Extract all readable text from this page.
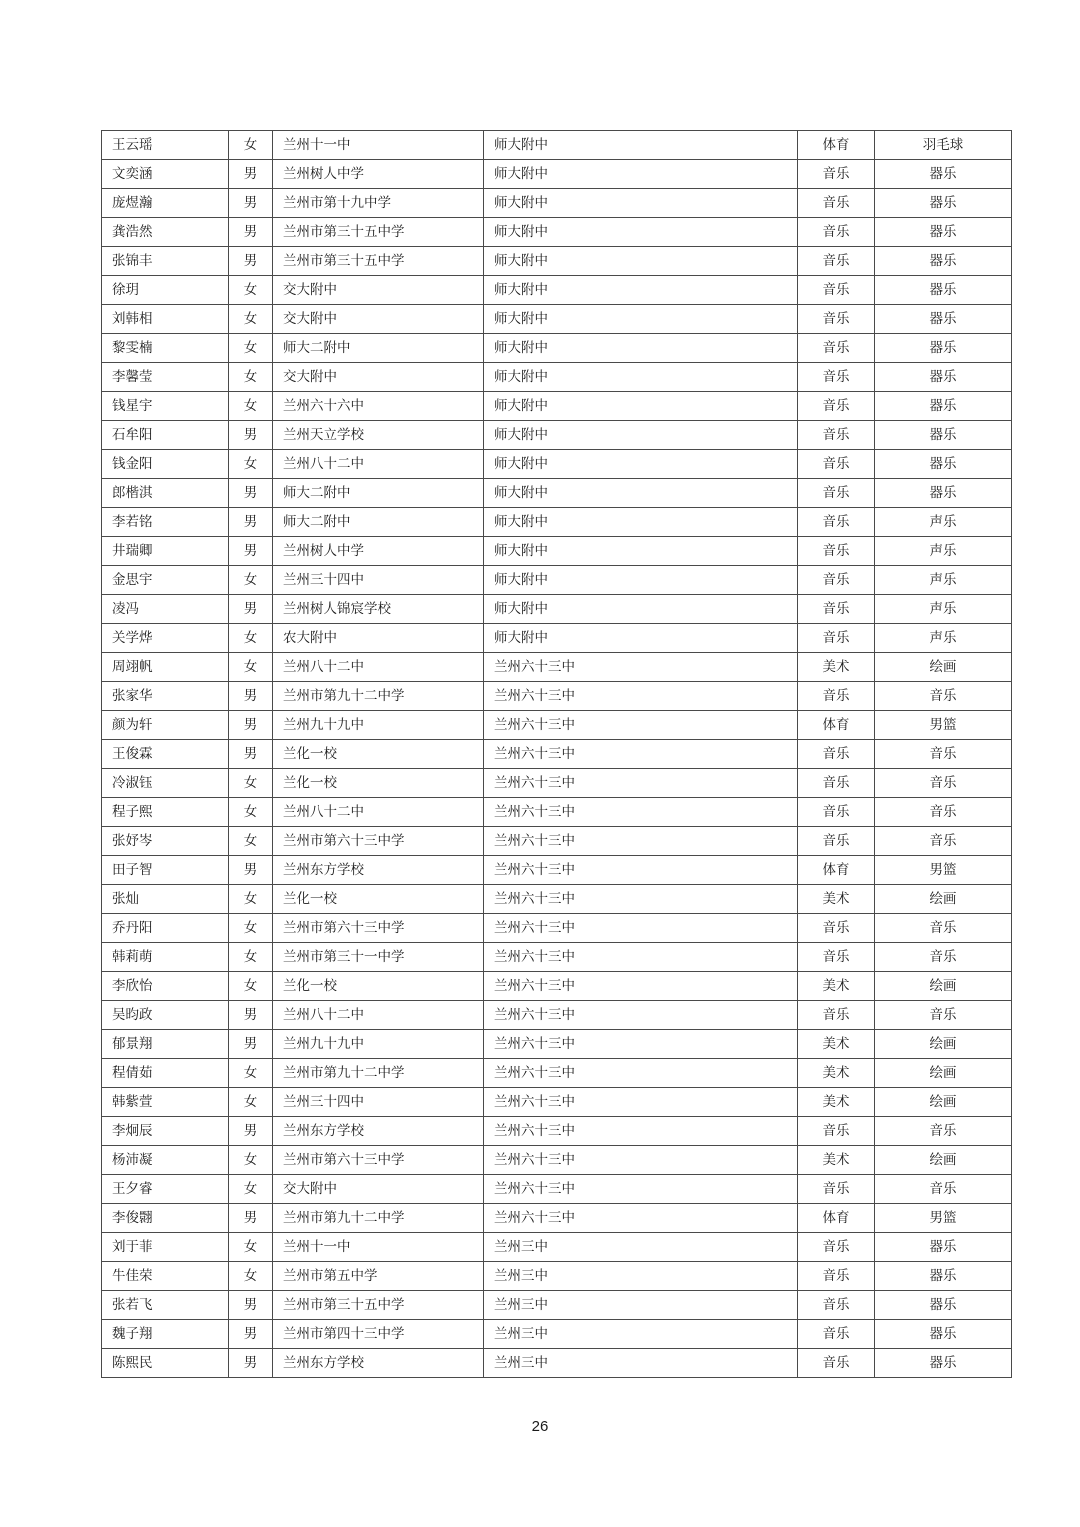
王云瑶	女	兰州十一中	师大附中	体育	羽毛球
文奕涵	男	兰州树人中学	师大附中	音乐	器乐
庞煜瀚	男	兰州市第十九中学	师大附中	音乐	器乐
龚浩然	男	兰州市第三十五中学	师大附中	音乐	器乐
张锦丰	男	兰州市第三十五中学	师大附中	音乐	器乐
徐玥	女	交大附中	师大附中	音乐	器乐
刘韩相	女	交大附中	师大附中	音乐	器乐
黎雯楠	女	师大二附中	师大附中	音乐	器乐
李馨莹	女	交大附中	师大附中	音乐	器乐
钱星宇	女	兰州六十六中	师大附中	音乐	器乐
石牟阳	男	兰州天立学校	师大附中	音乐	器乐
钱金阳	女	兰州八十二中	师大附中	音乐	器乐
郎楷淇	男	师大二附中	师大附中	音乐	器乐
李若铭	男	师大二附中	师大附中	音乐	声乐
井瑞卿	男	兰州树人中学	师大附中	音乐	声乐
金思宇	女	兰州三十四中	师大附中	音乐	声乐
凌冯	男	兰州树人锦宸学校	师大附中	音乐	声乐
关学烨	女	农大附中	师大附中	音乐	声乐
周翊帆	女	兰州八十二中	兰州六十三中	美术	绘画
张家华	男	兰州市第九十二中学	兰州六十三中	音乐	音乐
颜为轩	男	兰州九十九中	兰州六十三中	体育	男篮
王俊霖	男	兰化一校	兰州六十三中	音乐	音乐
冷淑钰	女	兰化一校	兰州六十三中	音乐	音乐
程子熙	女	兰州八十二中	兰州六十三中	音乐	音乐
张妤岑	女	兰州市第六十三中学	兰州六十三中	音乐	音乐
田子智	男	兰州东方学校	兰州六十三中	体育	男篮
张灿	女	兰化一校	兰州六十三中	美术	绘画
乔丹阳	女	兰州市第六十三中学	兰州六十三中	音乐	音乐
韩莉萌	女	兰州市第三十一中学	兰州六十三中	音乐	音乐
李欣怡	女	兰化一校	兰州六十三中	美术	绘画
吴昀政	男	兰州八十二中	兰州六十三中	音乐	音乐
郁景翔	男	兰州九十九中	兰州六十三中	美术	绘画
程倩茹	女	兰州市第九十二中学	兰州六十三中	美术	绘画
韩紫萱	女	兰州三十四中	兰州六十三中	美术	绘画
李炯辰	男	兰州东方学校	兰州六十三中	音乐	音乐
杨沛凝	女	兰州市第六十三中学	兰州六十三中	美术	绘画
王夕睿	女	交大附中	兰州六十三中	音乐	音乐
李俊翾	男	兰州市第九十二中学	兰州六十三中	体育	男篮
刘于菲	女	兰州十一中	兰州三中	音乐	器乐
牛佳荣	女	兰州市第五中学	兰州三中	音乐	器乐
张若飞	男	兰州市第三十五中学	兰州三中	音乐	器乐
魏子翔	男	兰州市第四十三中学	兰州三中	音乐	器乐
陈熙民	男	兰州东方学校	兰州三中	音乐	器乐
26
